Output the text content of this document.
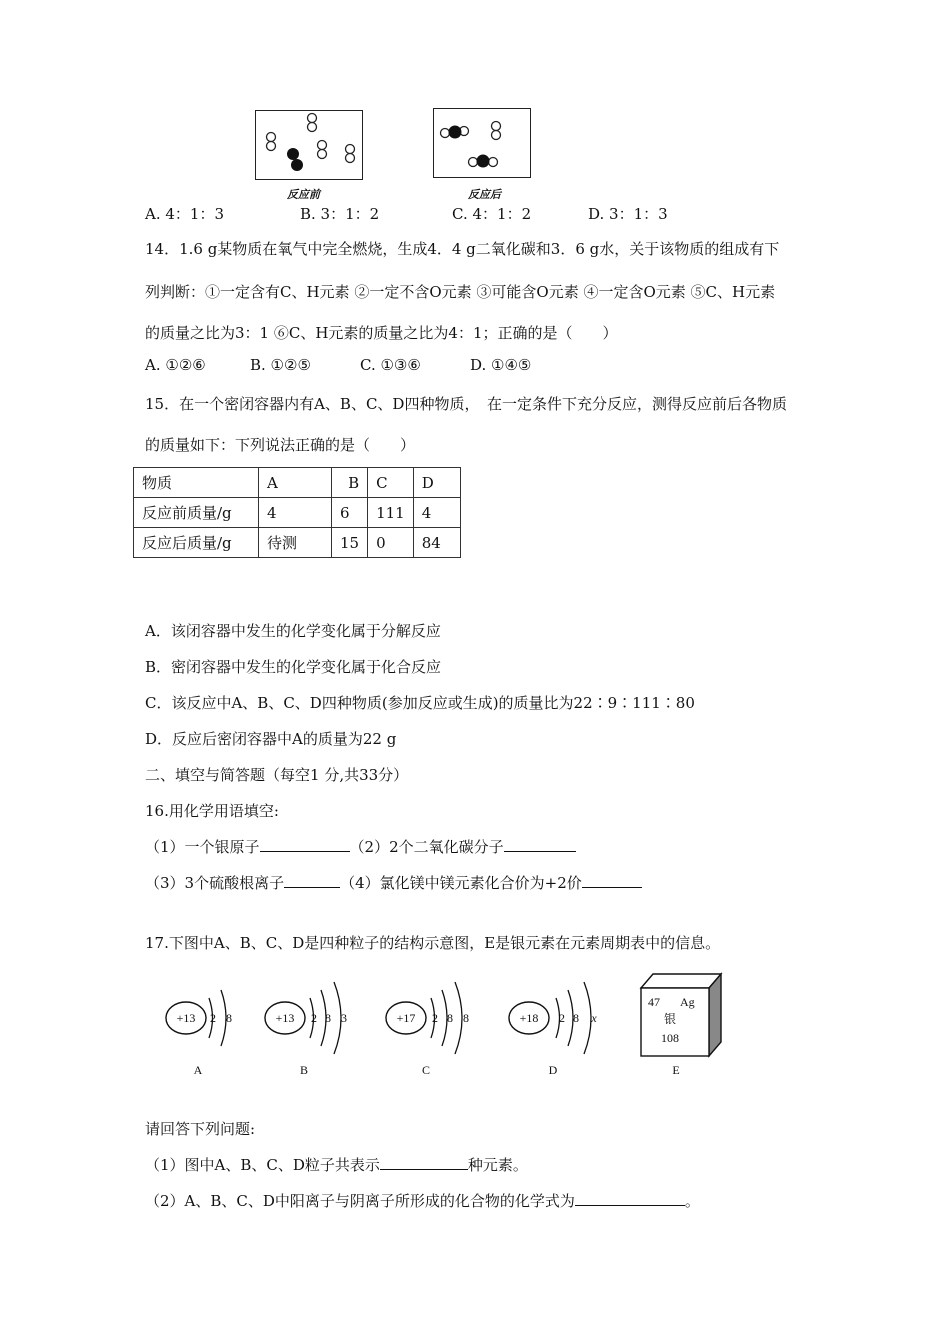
反应前	反应后
A. 4：1：3	B. 3：1：2	C. 4：1：2	D. 3：1：3
14．1.6 g某物质在氧气中完全燃烧，生成4．4 g二氧化碳和3．6 g水，关于该物质的组成有下
列判断：①一定含有C、H元素 ②一定不含O元素 ③可能含O元素 ④一定含O元素 ⑤C、H元素
的质量之比为3：1 ⑥C、H元素的质量之比为4：1；正确的是（　　）
A. ①②⑥	B. ①②⑤	C. ①③⑥	D. ①④⑤
15．在一个密闭容器内有A、B、C、D四种物质，　在一定条件下充分反应，测得反应前后各物质
的质量如下：下列说法正确的是（　　）
物质	A	B	C	D
反应前质量/g	4	6	111	4
反应后质量/g	待测	15	0	84
A．该闭容器中发生的化学变化属于分解反应
B．密闭容器中发生的化学变化属于化合反应
C．该反应中A、B、C、D四种物质(参加反应或生成)的质量比为22∶9∶111∶80
D．反应后密闭容器中A的质量为22 g
二、填空与简答题（每空1 分,共33分）
16.用化学用语填空:
（1）一个银原子	（2）2个二氧化碳分子
（3）3个硫酸根离子	（4）氯化镁中镁元素化合价为+2价
17.下图中A、B、C、D是四种粒子的结构示意图，E是银元素在元素周期表中的信息。
+13 2 8
A
+13 2 8 3
B
+17 2 8 8
C
+18 2 8 x
D
47 Ag
银
108
E
请回答下列问题:
（1）图中A、B、C、D粒子共表示	种元素。
（2）A、B、C、D中阳离子与阴离子所形成的化合物的化学式为	。
